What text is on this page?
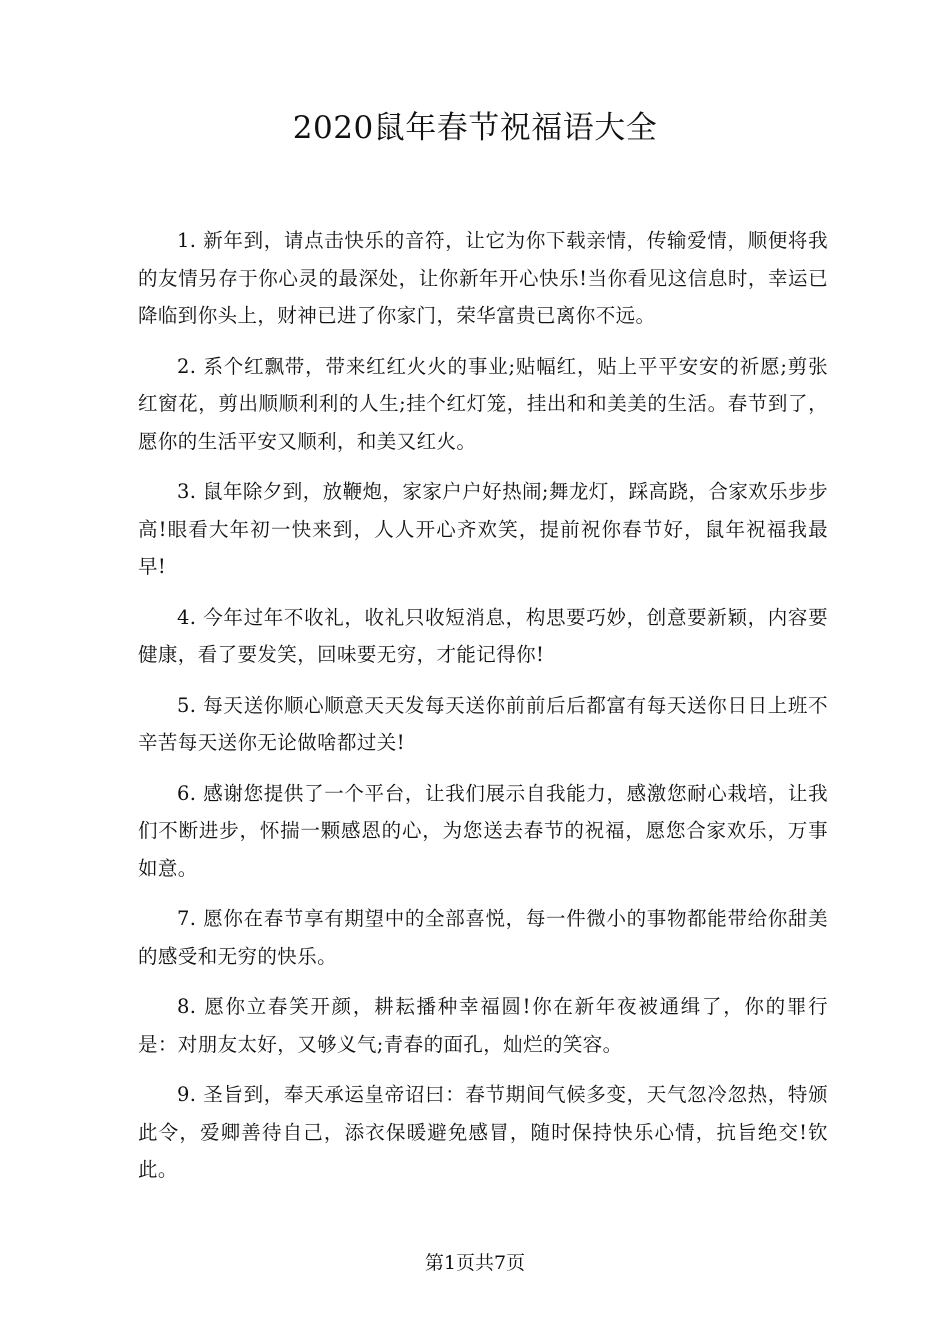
2020鼠年春节祝福语大全

1. 新年到，请点击快乐的音符，让它为你下载亲情，传输爱情，顺便将我的友情另存于你心灵的最深处，让你新年开心快乐!当你看见这信息时，幸运已降临到你头上，财神已进了你家门，荣华富贵已离你不远。

2. 系个红飘带，带来红红火火的事业;贴幅红，贴上平平安安的祈愿;剪张红窗花，剪出顺顺利利的人生;挂个红灯笼，挂出和和美美的生活。春节到了，愿你的生活平安又顺利，和美又红火。

3. 鼠年除夕到，放鞭炮，家家户户好热闹;舞龙灯，踩高跷，合家欢乐步步高!眼看大年初一快来到，人人开心齐欢笑，提前祝你春节好，鼠年祝福我最早!

4. 今年过年不收礼，收礼只收短消息，构思要巧妙，创意要新颖，内容要健康，看了要发笑，回味要无穷，才能记得你!

5. 每天送你顺心顺意天天发每天送你前前后后都富有每天送你日日上班不辛苦每天送你无论做啥都过关!

6. 感谢您提供了一个平台，让我们展示自我能力，感激您耐心栽培，让我们不断进步，怀揣一颗感恩的心，为您送去春节的祝福，愿您合家欢乐，万事如意。

7. 愿你在春节享有期望中的全部喜悦，每一件微小的事物都能带给你甜美的感受和无穷的快乐。

8. 愿你立春笑开颜，耕耘播种幸福圆!你在新年夜被通缉了，你的罪行是：对朋友太好，又够义气;青春的面孔，灿烂的笑容。

9. 圣旨到，奉天承运皇帝诏曰：春节期间气候多变，天气忽冷忽热，特颁此令，爱卿善待自己，添衣保暖避免感冒，随时保持快乐心情，抗旨绝交!钦此。

第1页共7页
